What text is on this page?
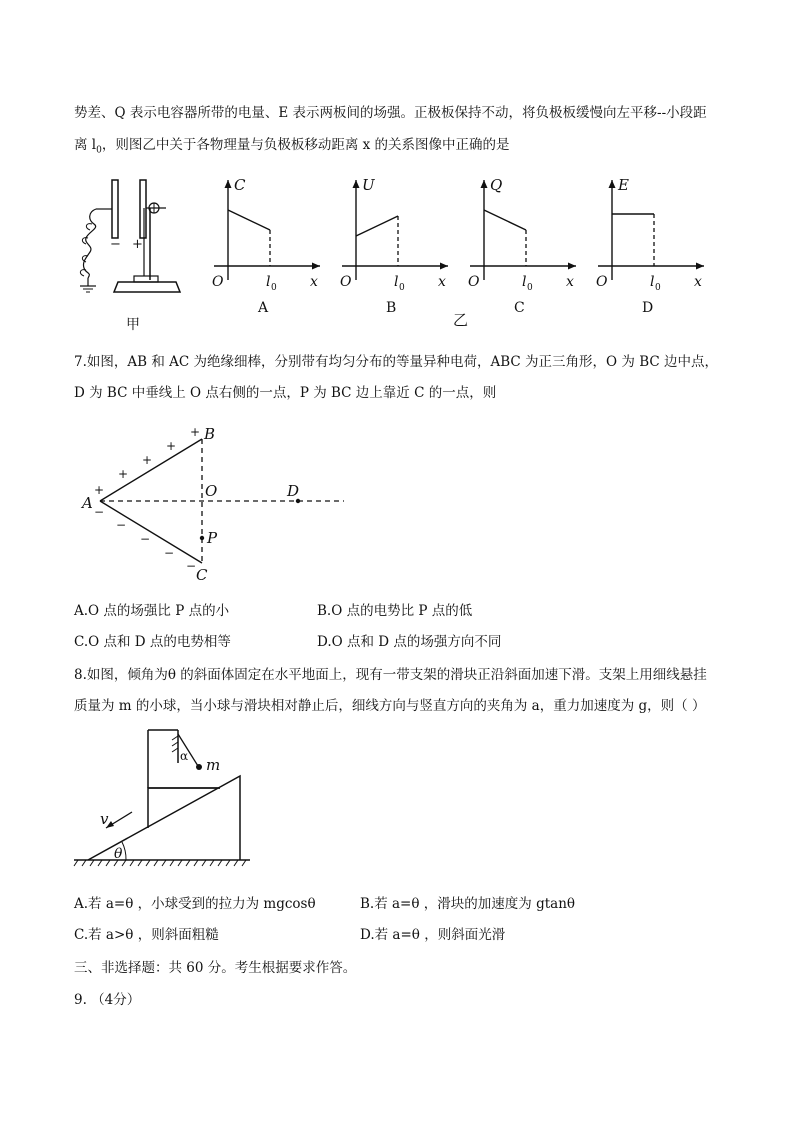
势差、Q 表示电容器所带的电量、E 表示两板间的场强。正极板保持不动，将负极板缓慢向左平移--小段距
离 $l_0$，则图乙中关于各物理量与负极板移动距离 x 的关系图像中正确的是
− +
甲
C
O	l 0 x
A
U
O	l 0 x
B
Q
O	l 0 x
C
E
O	l 0 x
D
乙
7.如图，AB 和 AC 为绝缘细棒，分别带有均匀分布的等量异种电荷，ABC 为正三角形，O 为 BC 边中点，
D 为 BC 中垂线上 O 点右侧的一点，P 为 BC 边上靠近 C 的一点，则
A
B
C
O	D
P
+
+
+
+
+
−
−
−
−
−
A.O 点的场强比 P 点的小	B.O 点的电势比 P 点的低
C.O 点和 D 点的电势相等	D.O 点和 D 点的场强方向不同
8.如图，倾角为θ 的斜面体固定在水平地面上，现有一带支架的滑块正沿斜面加速下滑。支架上用细线悬挂
质量为 m 的小球，当小球与滑块相对静止后，细线方向与竖直方向的夹角为 a，重力加速度为 g，则（ ）
θ
α m
v
A.若 a=θ ，小球受到的拉力为 mgcosθ	B.若 a=θ ，滑块的加速度为 gtanθ
C.若 a>θ ，则斜面粗糙	D.若 a=θ ，则斜面光滑
三、非选择题：共 60 分。考生根据要求作答。
9. （4分）
